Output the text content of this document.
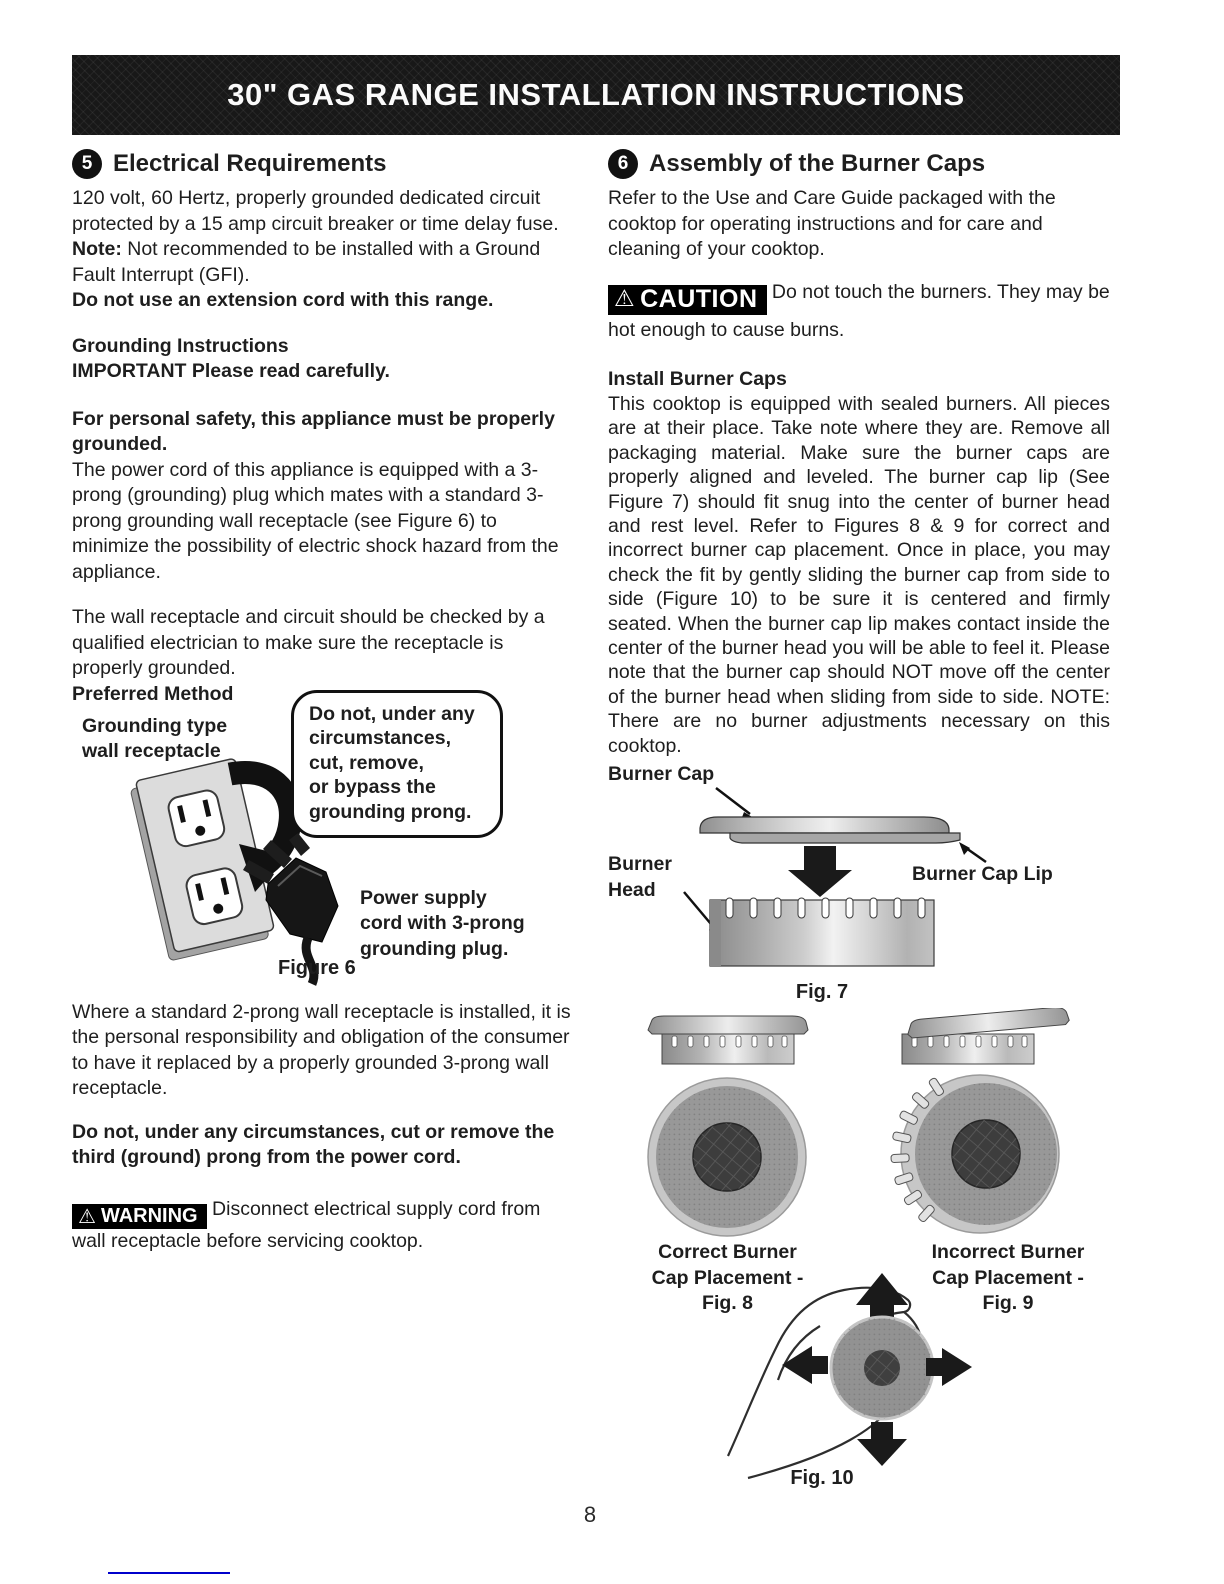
30" GAS RANGE INSTALLATION INSTRUCTIONS
5 Electrical Requirements

120 volt, 60 Hertz, properly grounded dedicated circuit protected by a 15 amp circuit breaker or time delay fuse. Note: Not recommended to be installed with a Ground Fault Interrupt (GFI).

Do not use an extension cord with this range.

Grounding Instructions

IMPORTANT Please read carefully.

For personal safety, this appliance must be properly grounded.

The power cord of this appliance is equipped with a 3-prong (grounding) plug which mates with a standard 3-prong grounding wall receptacle (see Figure 6) to minimize the possibility of electric shock hazard from the appliance.

The wall receptacle and circuit should be checked by a qualified electrician to make sure the receptacle is properly grounded.

Preferred Method
Grounding type
wall receptacle
Do not, under any
circumstances,
cut, remove,
or bypass the
grounding prong.
Power supply
cord with 3-prong
grounding plug.
Figure 6

Where a standard 2-prong wall receptacle is installed, it is the personal responsibility and obligation of the consumer to have it replaced by a properly grounded 3-prong wall receptacle.

Do not, under any circumstances, cut or remove the third (ground) prong from the power cord.

⚠ WARNING Disconnect electrical supply cord from wall receptacle before servicing cooktop.

6 Assembly of the Burner Caps

Refer to the Use and Care Guide packaged with the cooktop for operating instructions and for care and cleaning of your cooktop.

⚠ CAUTION Do not touch the burners. They may be hot enough to cause burns.

Install Burner Caps

This cooktop is equipped with sealed burners. All pieces are at their place. Take note where they are. Remove all packaging material. Make sure the burner caps are properly aligned and leveled. The burner cap lip (See Figure 7) should fit snug into the center of burner head and rest level. Refer to Figures 8 & 9 for correct and incorrect burner cap placement. Once in place, you may check the fit by gently sliding the burner cap from side to side (Figure 10) to be sure it is centered and firmly seated. When the burner cap lip makes contact inside the center of the burner head you will be able to feel it. Please note that the burner cap should NOT move off the center of the burner head when sliding from side to side. NOTE: There are no burner adjustments necessary on this cooktop.

Burner Cap
Burner
Head
Burner Cap Lip
Fig. 7
Correct Burner
Cap Placement -
Fig. 8
Incorrect Burner
Cap Placement -
Fig. 9
Fig. 10
8
